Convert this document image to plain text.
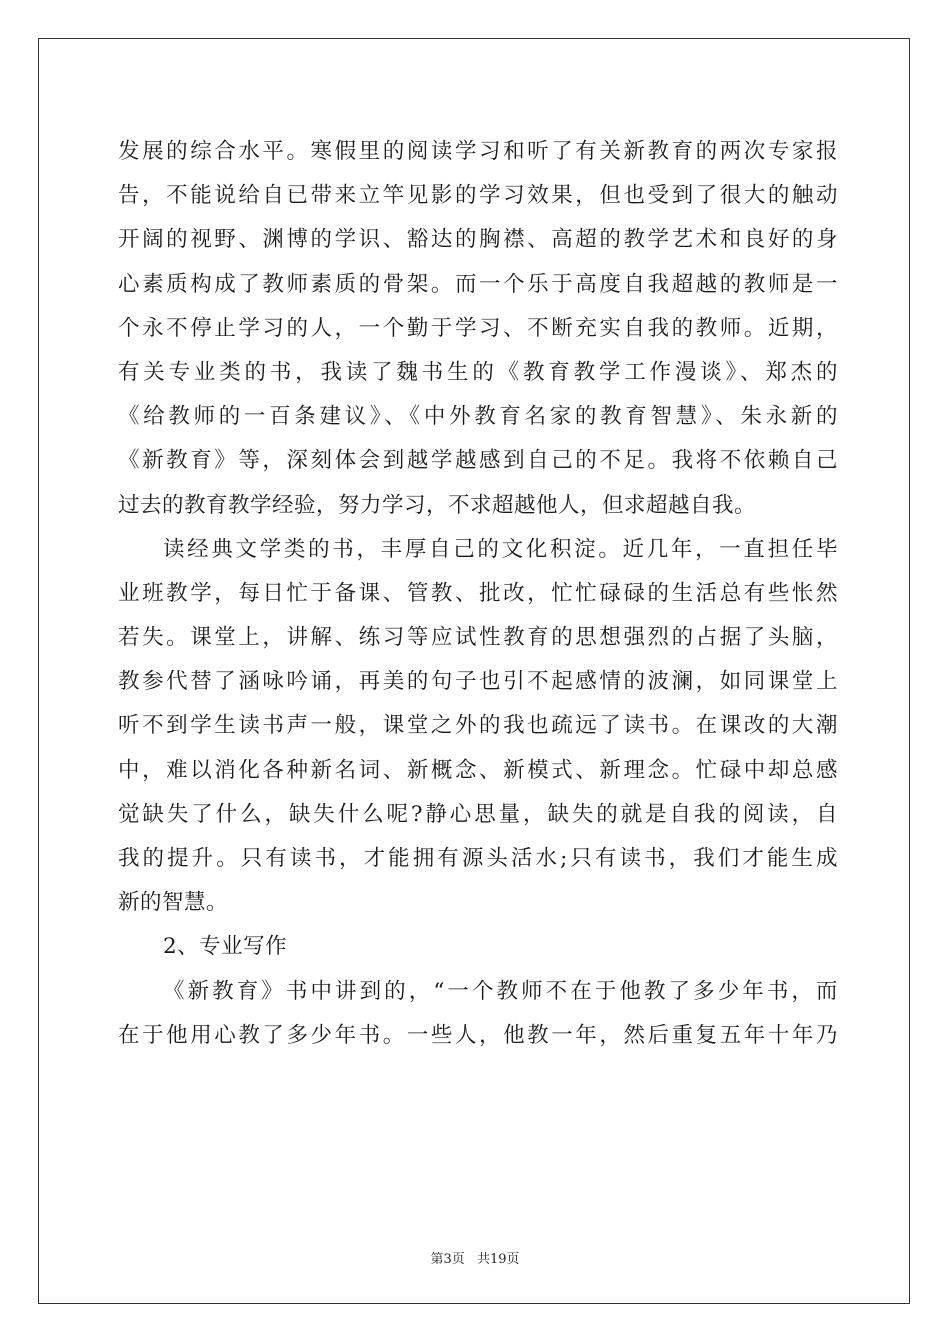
发展的综合水平。寒假里的阅读学习和听了有关新教育的两次专家报
告，不能说给自已带来立竿见影的学习效果，但也受到了很大的触动
开阔的视野、渊博的学识、豁达的胸襟、高超的教学艺术和良好的身
心素质构成了教师素质的骨架。而一个乐于高度自我超越的教师是一
个永不停止学习的人，一个勤于学习、不断充实自我的教师。近期，
有关专业类的书，我读了魏书生的《教育教学工作漫谈》、郑杰的
《给教师的一百条建议》、《中外教育名家的教育智慧》、朱永新的
《新教育》等，深刻体会到越学越感到自己的不足。我将不依赖自己
过去的教育教学经验，努力学习，不求超越他人，但求超越自我。
读经典文学类的书，丰厚自己的文化积淀。近几年，一直担任毕
业班教学，每日忙于备课、管教、批改，忙忙碌碌的生活总有些怅然
若失。课堂上，讲解、练习等应试性教育的思想强烈的占据了头脑，
教参代替了涵咏吟诵，再美的句子也引不起感情的波澜，如同课堂上
听不到学生读书声一般，课堂之外的我也疏远了读书。在课改的大潮
中，难以消化各种新名词、新概念、新模式、新理念。忙碌中却总感
觉缺失了什么，缺失什么呢?静心思量，缺失的就是自我的阅读，自
我的提升。只有读书，才能拥有源头活水;只有读书，我们才能生成
新的智慧。
2、专业写作
《新教育》书中讲到的，“一个教师不在于他教了多少年书，而
在于他用心教了多少年书。一些人，他教一年，然后重复五年十年乃
第3页 共19页
